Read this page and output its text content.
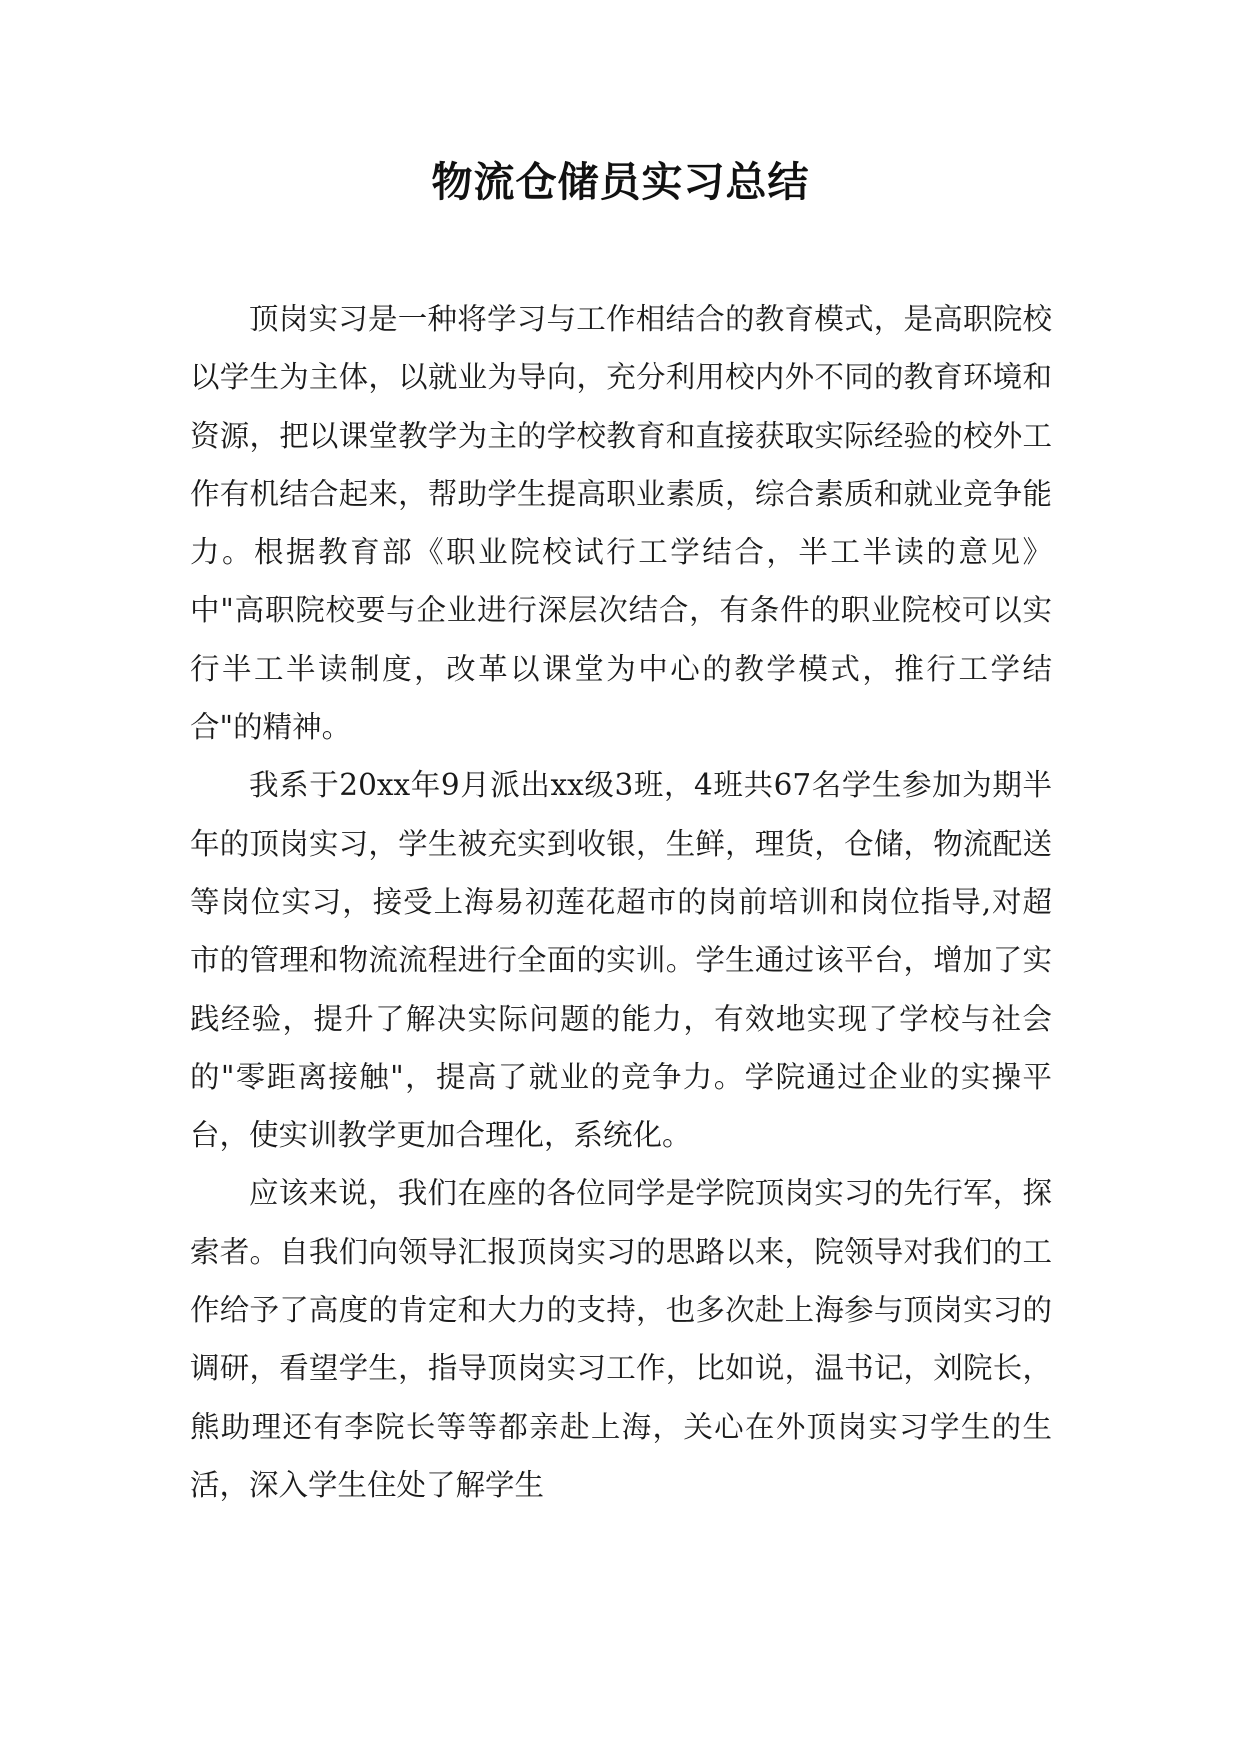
物流仓储员实习总结

顶岗实习是一种将学习与工作相结合的教育模式，是高职院校以学生为主体，以就业为导向，充分利用校内外不同的教育环境和资源，把以课堂教学为主的学校教育和直接获取实际经验的校外工作有机结合起来，帮助学生提高职业素质，综合素质和就业竞争能力。根据教育部《职业院校试行工学结合，半工半读的意见》中"高职院校要与企业进行深层次结合，有条件的职业院校可以实行半工半读制度，改革以课堂为中心的教学模式，推行工学结合"的精神。

我系于20xx年9月派出xx级3班，4班共67名学生参加为期半年的顶岗实习，学生被充实到收银，生鲜，理货，仓储，物流配送等岗位实习，接受上海易初莲花超市的岗前培训和岗位指导,对超市的管理和物流流程进行全面的实训。学生通过该平台，增加了实践经验，提升了解决实际问题的能力，有效地实现了学校与社会的"零距离接触"，提高了就业的竞争力。学院通过企业的实操平台，使实训教学更加合理化，系统化。

应该来说，我们在座的各位同学是学院顶岗实习的先行军，探索者。自我们向领导汇报顶岗实习的思路以来，院领导对我们的工作给予了高度的肯定和大力的支持，也多次赴上海参与顶岗实习的调研，看望学生，指导顶岗实习工作，比如说，温书记，刘院长，熊助理还有李院长等等都亲赴上海，关心在外顶岗实习学生的生活，深入学生住处了解学生
